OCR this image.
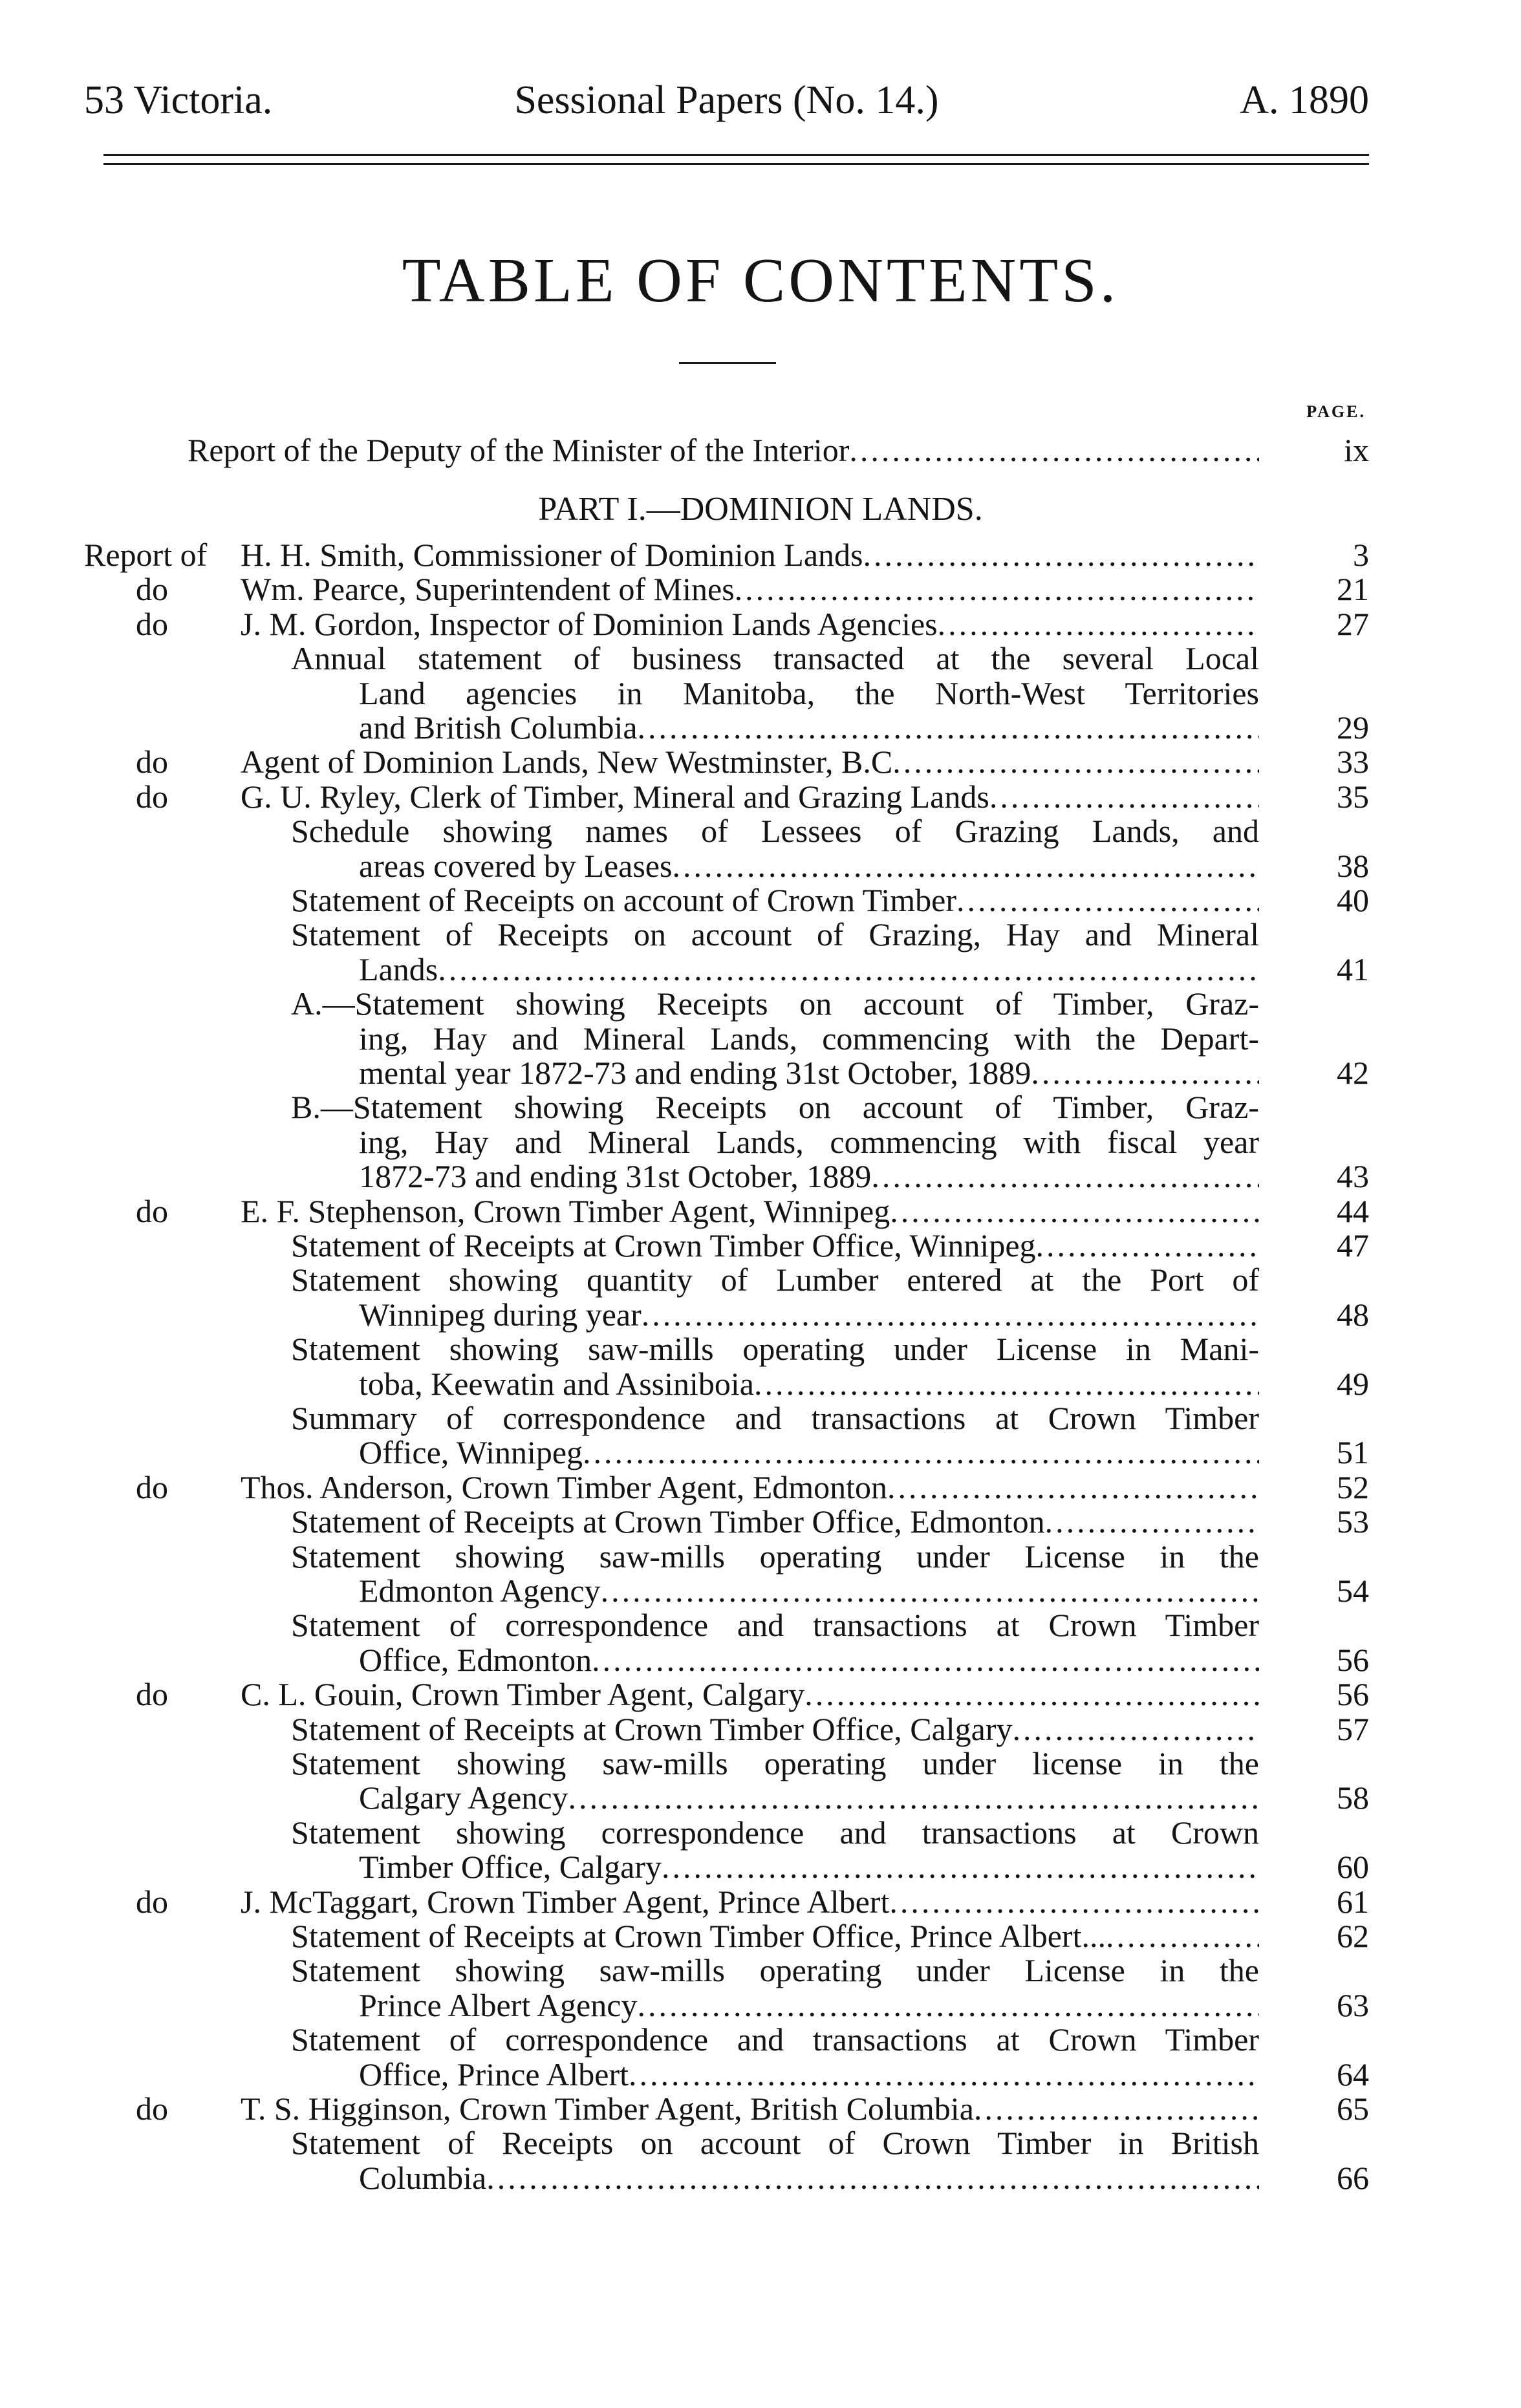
53 Victoria.	Sessional Papers (No. 14.)	A. 1890
TABLE OF CONTENTS.
PAGE.
PART I.—DOMINION LANDS.
Report of the Deputy of the Minister of the Interior .....	ix
Report of H. H. Smith, Commissioner of Dominion Lands .....	3
do Wm. Pearce, Superintendent of Mines .....	21
do J. M. Gordon, Inspector of Dominion Lands Agencies .....	27
Annual statement of business transacted at the several Local
Land agencies in Manitoba, the North-West Territories
and British Columbia .....	29
do Agent of Dominion Lands, New Westminster, B.C .....	33
do G. U. Ryley, Clerk of Timber, Mineral and Grazing Lands .....	35
Schedule showing names of Lessees of Grazing Lands, and
areas covered by Leases .....	38
Statement of Receipts on account of Crown Timber .....	40
Statement of Receipts on account of Grazing, Hay and Mineral
Lands .....	41
A.—Statement showing Receipts on account of Timber, Graz-
ing, Hay and Mineral Lands, commencing with the Depart-
mental year 1872-73 and ending 31st October, 1889 .....	42
B.—Statement showing Receipts on account of Timber, Graz-
ing, Hay and Mineral Lands, commencing with fiscal year
1872-73 and ending 31st October, 1889 .....	43
do E. F. Stephenson, Crown Timber Agent, Winnipeg .....	44
Statement of Receipts at Crown Timber Office, Winnipeg .....	47
Statement showing quantity of Lumber entered at the Port of
Winnipeg during year .....	48
Statement showing saw-mills operating under License in Mani-
toba, Keewatin and Assiniboia .....	49
Summary of correspondence and transactions at Crown Timber
Office, Winnipeg .....	51
do Thos. Anderson, Crown Timber Agent, Edmonton .....	52
Statement of Receipts at Crown Timber Office, Edmonton .....	53
Statement showing saw-mills operating under License in the
Edmonton Agency .....	54
Statement of correspondence and transactions at Crown Timber
Office, Edmonton .....	56
do C. L. Gouin, Crown Timber Agent, Calgary .....	56
Statement of Receipts at Crown Timber Office, Calgary .....	57
Statement showing saw-mills operating under license in the
Calgary Agency .....	58
Statement showing correspondence and transactions at Crown
Timber Office, Calgary .....	60
do J. McTaggart, Crown Timber Agent, Prince Albert .....	61
Statement of Receipts at Crown Timber Office, Prince Albert... .....	62
Statement showing saw-mills operating under License in the
Prince Albert Agency .....	63
Statement of correspondence and transactions at Crown Timber
Office, Prince Albert .....	64
do T. S. Higginson, Crown Timber Agent, British Columbia .....	65
Statement of Receipts on account of Crown Timber in British
Columbia .....	66
